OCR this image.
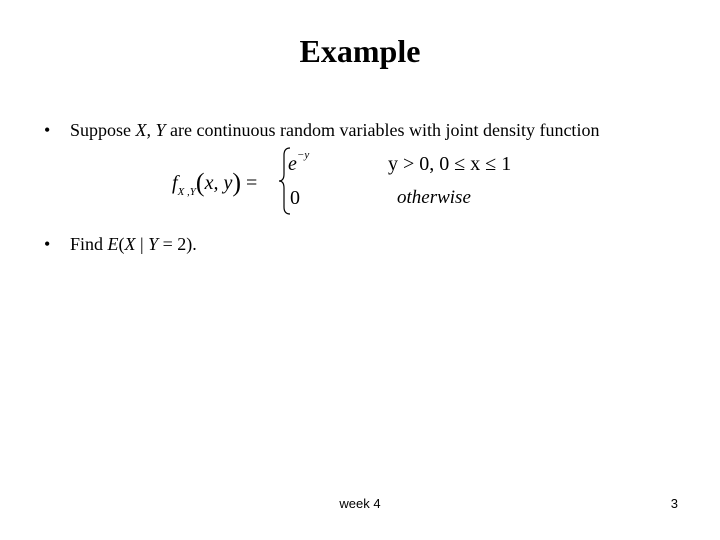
Example
• Suppose X, Y are continuous random variables with joint density function
$f_{X ,Y}(x$, y) =
$e^{-y}$	y > 0, 0 ≤ x ≤ 1
0	otherwise
• Find E(X | Y = 2).
week 4	3
